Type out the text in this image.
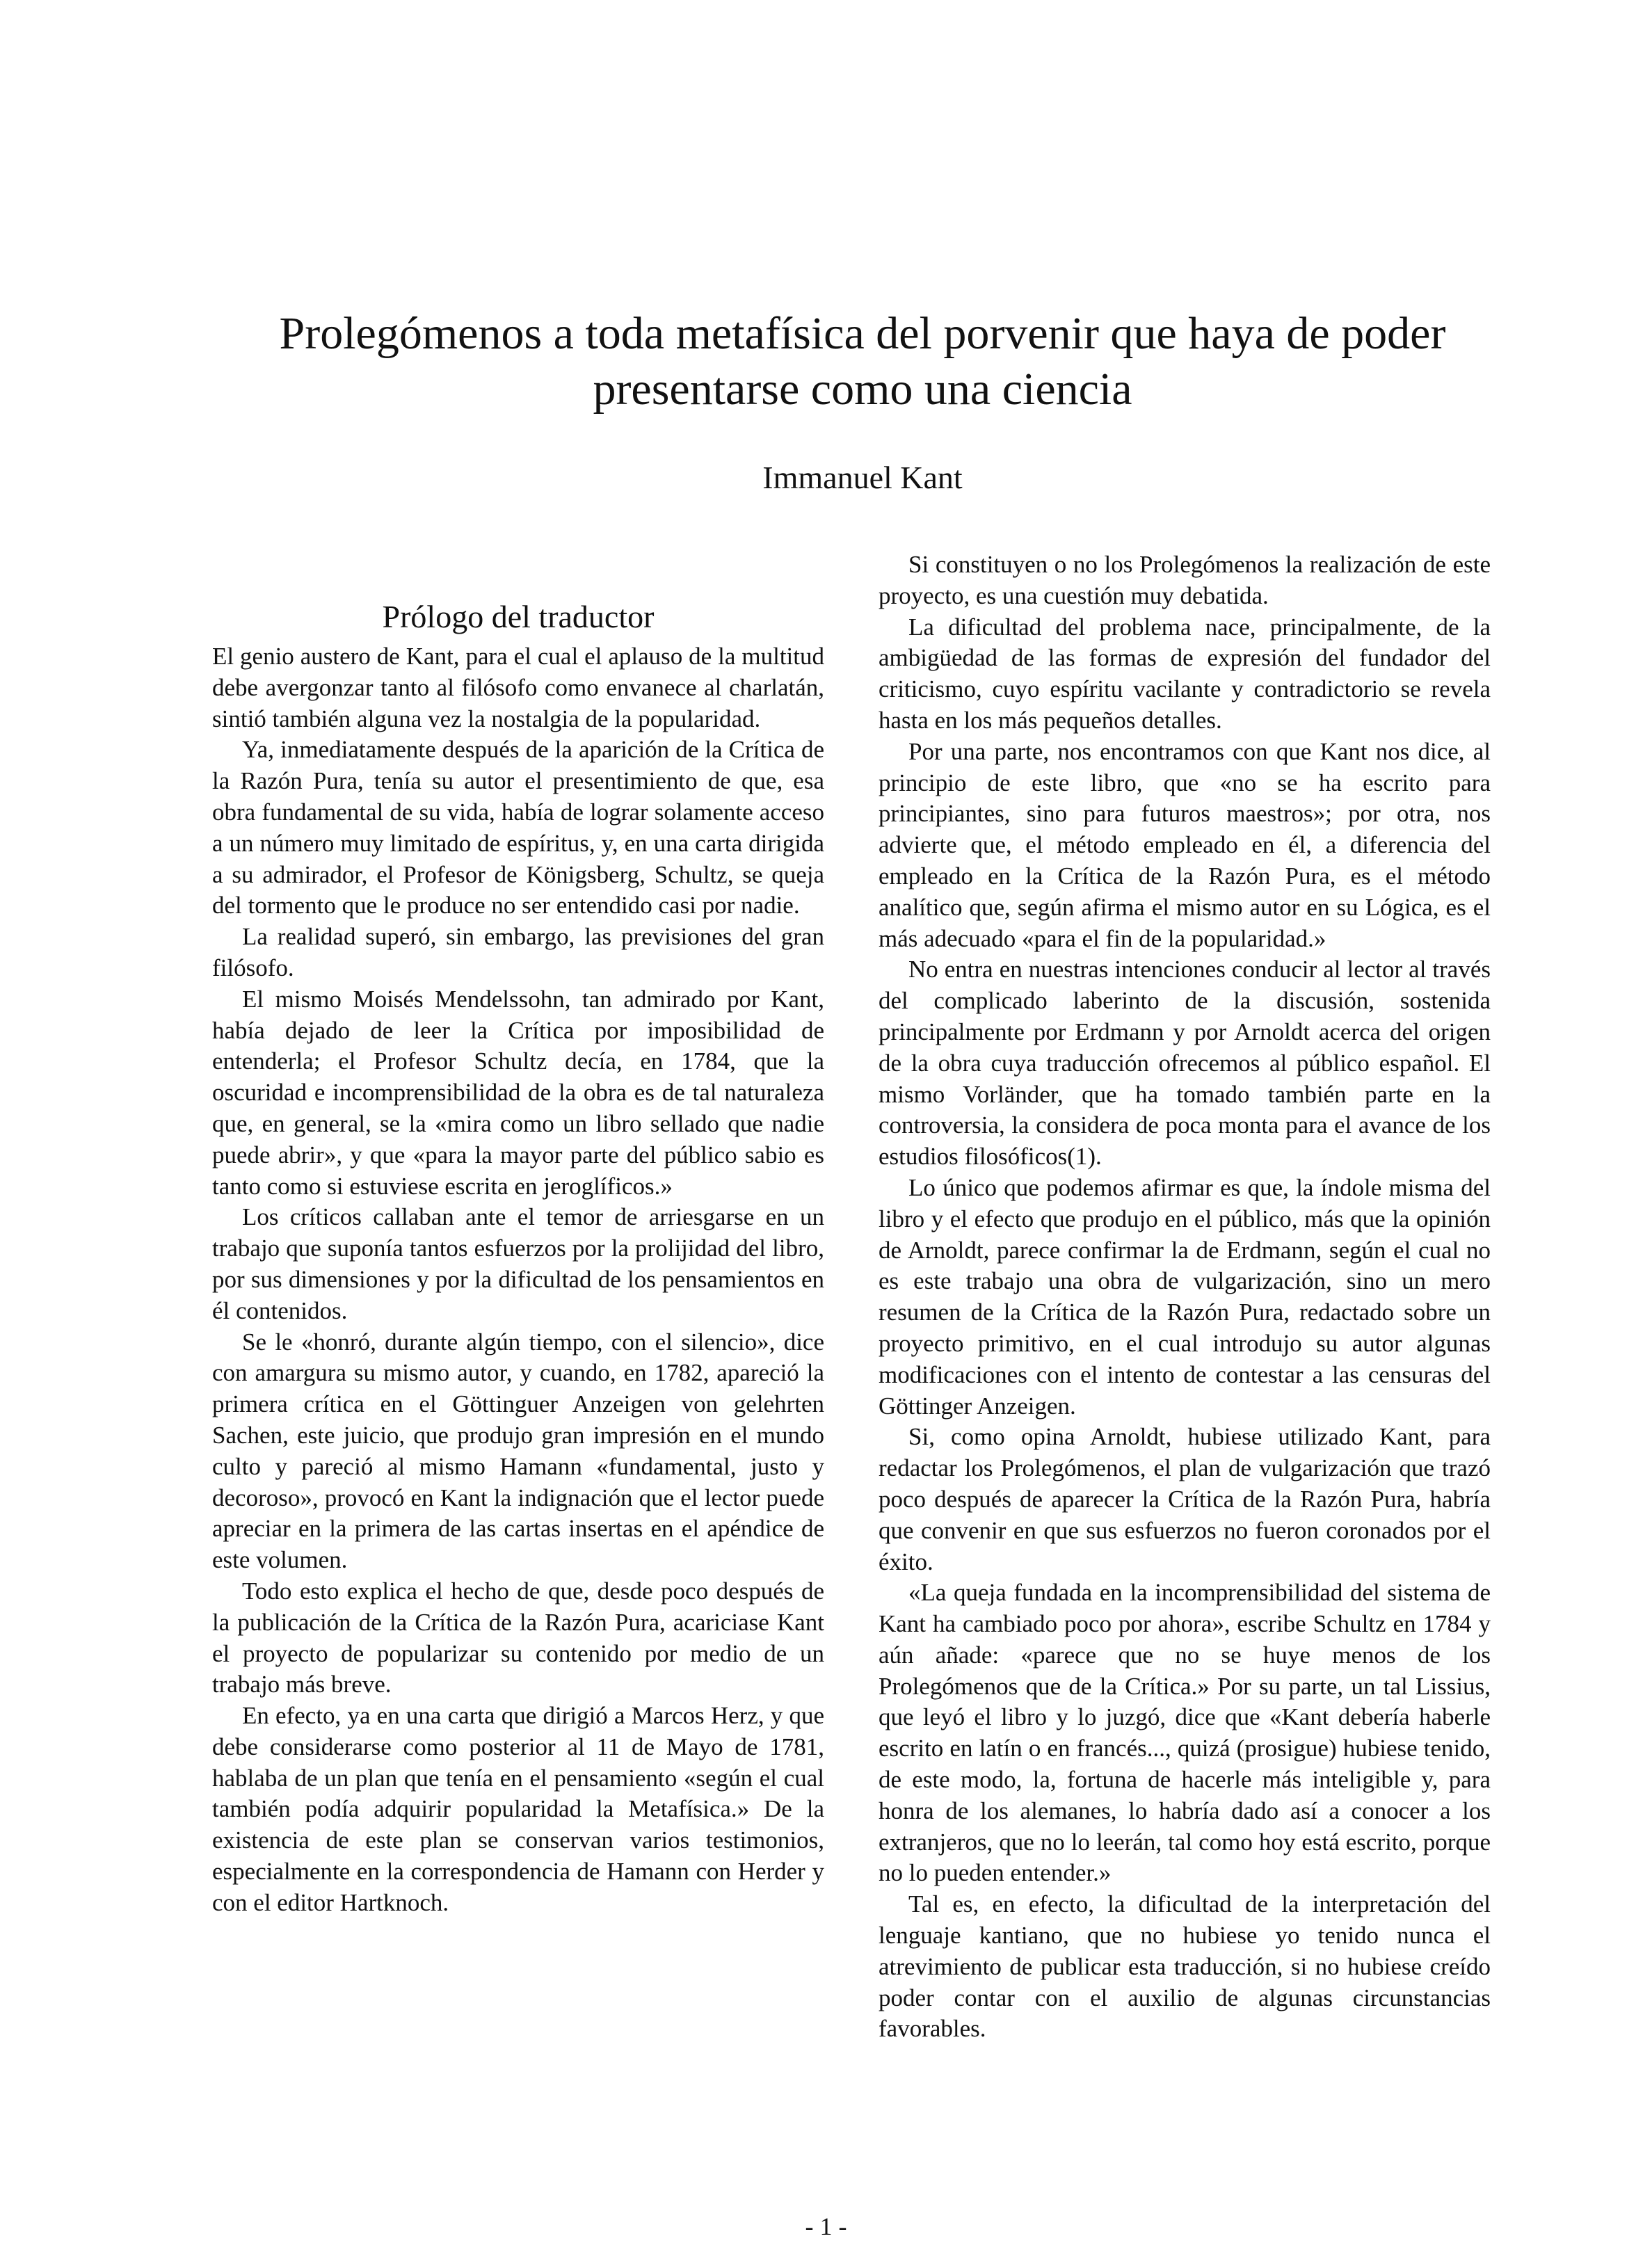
Prolegómenos a toda metafísica del porvenir que haya de poder
presentarse como una ciencia
Immanuel Kant
Prólogo del traductor

El genio austero de Kant, para el cual el aplauso de la multitud debe avergonzar tanto al filósofo como envanece al charlatán, sintió también alguna vez la nostalgia de la popularidad.

Ya, inmediatamente después de la aparición de la Crítica de la Razón Pura, tenía su autor el presentimiento de que, esa obra fundamental de su vida, había de lograr solamente acceso a un número muy limitado de espíritus, y, en una carta dirigida a su admirador, el Profesor de Königsberg, Schultz, se queja del tormento que le produce no ser entendido casi por nadie.

La realidad superó, sin embargo, las previsiones del gran filósofo.

El mismo Moisés Mendelssohn, tan admirado por Kant, había dejado de leer la Crítica por imposibilidad de entenderla; el Profesor Schultz decía, en 1784, que la oscuridad e incomprensibilidad de la obra es de tal naturaleza que, en general, se la «mira como un libro sellado que nadie puede abrir», y que «para la mayor parte del público sabio es tanto como si estuviese escrita en jeroglíficos.»

Los críticos callaban ante el temor de arriesgarse en un trabajo que suponía tantos esfuerzos por la prolijidad del libro, por sus dimensiones y por la dificultad de los pensamientos en él contenidos.

Se le «honró, durante algún tiempo, con el silencio», dice con amargura su mismo autor, y cuando, en 1782, apareció la primera crítica en el Göttinguer Anzeigen von gelehrten Sachen, este juicio, que produjo gran impresión en el mundo culto y pareció al mismo Hamann «fundamental, justo y decoroso», provocó en Kant la indignación que el lector puede apreciar en la primera de las cartas insertas en el apéndice de este volumen.

Todo esto explica el hecho de que, desde poco después de la publicación de la Crítica de la Razón Pura, acariciase Kant el proyecto de popularizar su contenido por medio de un trabajo más breve.

En efecto, ya en una carta que dirigió a Marcos Herz, y que debe considerarse como posterior al 11 de Mayo de 1781, hablaba de un plan que tenía en el pensamiento «según el cual también podía adquirir popularidad la Metafísica.» De la existencia de este plan se conservan varios testimonios, especialmente en la correspondencia de Hamann con Herder y con el editor Hartknoch.

Si constituyen o no los Prolegómenos la realización de este proyecto, es una cuestión muy debatida.

La dificultad del problema nace, principalmente, de la ambigüedad de las formas de expresión del fundador del criticismo, cuyo espíritu vacilante y contradictorio se revela hasta en los más pequeños detalles.

Por una parte, nos encontramos con que Kant nos dice, al principio de este libro, que «no se ha escrito para principiantes, sino para futuros maestros»; por otra, nos advierte que, el método empleado en él, a diferencia del empleado en la Crítica de la Razón Pura, es el método analítico que, según afirma el mismo autor en su Lógica, es el más adecuado «para el fin de la popularidad.»

No entra en nuestras intenciones conducir al lector al través del complicado laberinto de la discusión, sostenida principalmente por Erdmann y por Arnoldt acerca del origen de la obra cuya traducción ofrecemos al público español. El mismo Vorländer, que ha tomado también parte en la controversia, la considera de poca monta para el avance de los estudios filosóficos(1).

Lo único que podemos afirmar es que, la índole misma del libro y el efecto que produjo en el público, más que la opinión de Arnoldt, parece confirmar la de Erdmann, según el cual no es este trabajo una obra de vulgarización, sino un mero resumen de la Crítica de la Razón Pura, redactado sobre un proyecto primitivo, en el cual introdujo su autor algunas modificaciones con el intento de contestar a las censuras del Göttinger Anzeigen.

Si, como opina Arnoldt, hubiese utilizado Kant, para redactar los Prolegómenos, el plan de vulgarización que trazó poco después de aparecer la Crítica de la Razón Pura, habría que convenir en que sus esfuerzos no fueron coronados por el éxito.

«La queja fundada en la incomprensibilidad del sistema de Kant ha cambiado poco por ahora», escribe Schultz en 1784 y aún añade: «parece que no se huye menos de los Prolegómenos que de la Crítica.» Por su parte, un tal Lissius, que leyó el libro y lo juzgó, dice que «Kant debería haberle escrito en latín o en francés..., quizá (prosigue) hubiese tenido, de este modo, la, fortuna de hacerle más inteligible y, para honra de los alemanes, lo habría dado así a conocer a los extranjeros, que no lo leerán, tal como hoy está escrito, porque no lo pueden entender.»

Tal es, en efecto, la dificultad de la interpretación del lenguaje kantiano, que no hubiese yo tenido nunca el atrevimiento de publicar esta traducción, si no hubiese creído poder contar con el auxilio de algunas circunstancias favorables.

- 1 -
